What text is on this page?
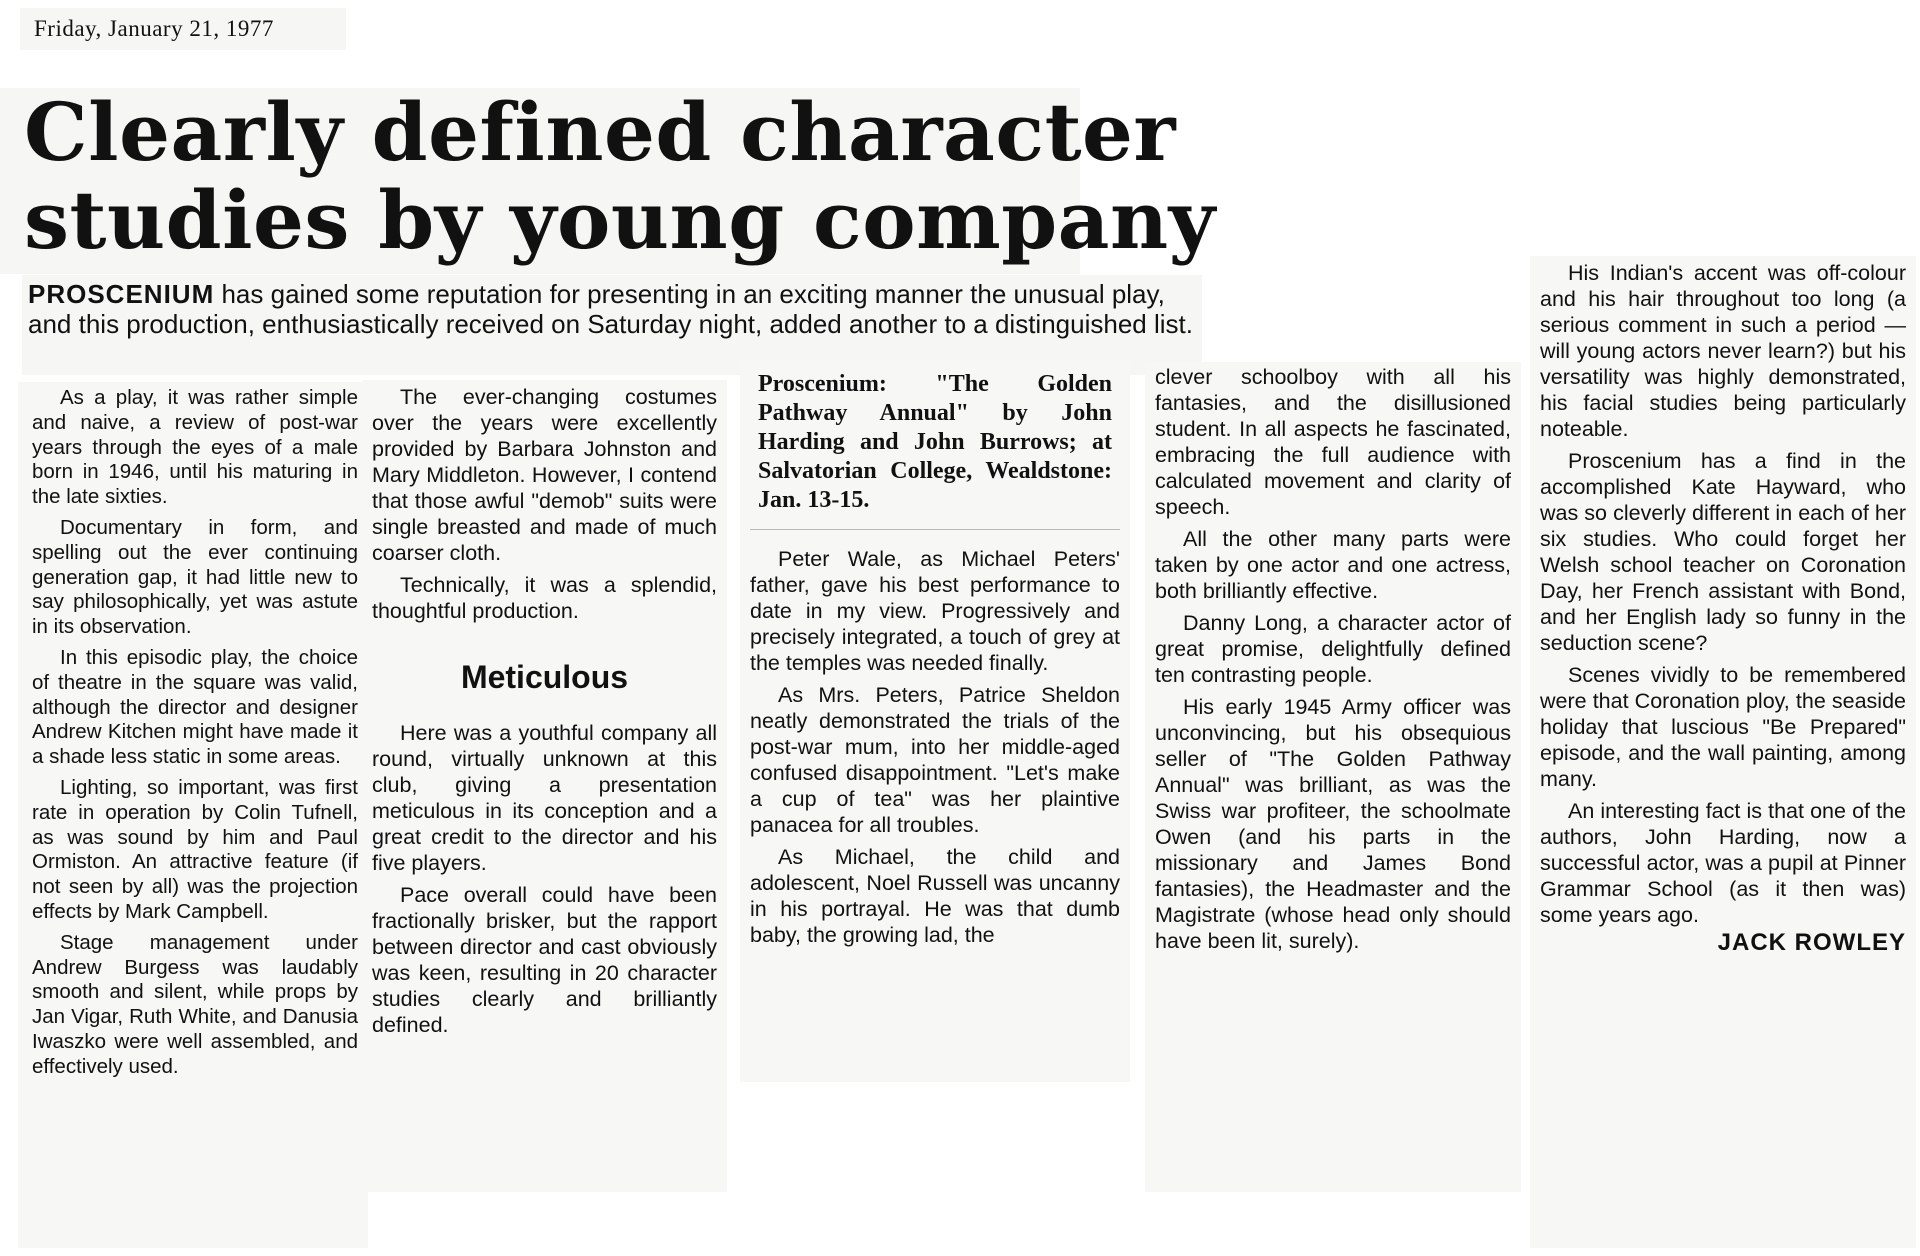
Friday, January 21, 1977
Clearly defined character
studies by young company
PROSCENIUM has gained some reputation for presenting in an exciting manner the unusual play, and this production, enthusiastically received on Saturday night, added another to a distinguished list.

As a play, it was rather simple and naive, a review of post-war years through the eyes of a male born in 1946, until his maturing in the late sixties.

Documentary in form, and spelling out the ever continuing generation gap, it had little new to say philosophically, yet was astute in its observation.

In this episodic play, the choice of theatre in the square was valid, although the director and designer Andrew Kitchen might have made it a shade less static in some areas.

Lighting, so important, was first rate in operation by Colin Tufnell, as was sound by him and Paul Ormiston. An attractive feature (if not seen by all) was the projection effects by Mark Campbell.

Stage management under Andrew Burgess was laudably smooth and silent, while props by Jan Vigar, Ruth White, and Danusia Iwaszko were well assembled, and effectively used.

The ever-changing costumes over the years were excellently provided by Barbara Johnston and Mary Middleton. However, I contend that those awful "demob" suits were single breasted and made of much coarser cloth.

Technically, it was a splendid, thoughtful production.

Meticulous

Here was a youthful company all round, virtually unknown at this club, giving a presentation meticulous in its conception and a great credit to the director and his five players.

Pace overall could have been fractionally brisker, but the rapport between director and cast obviously was keen, resulting in 20 character studies clearly and brilliantly defined.

Proscenium: "The Golden Pathway Annual" by John Harding and John Burrows; at Salvatorian College, Wealdstone: Jan. 13-15.

Peter Wale, as Michael Peters' father, gave his best performance to date in my view. Progressively and precisely integrated, a touch of grey at the temples was needed finally.

As Mrs. Peters, Patrice Sheldon neatly demonstrated the trials of the post-war mum, into her middle-aged confused disappointment. "Let's make a cup of tea" was her plaintive panacea for all troubles.

As Michael, the child and adolescent, Noel Russell was uncanny in his portrayal. He was that dumb baby, the growing lad, the

clever schoolboy with all his fantasies, and the disillusioned student. In all aspects he fascinated, embracing the full audience with calculated movement and clarity of speech.

All the other many parts were taken by one actor and one actress, both brilliantly effective.

Danny Long, a character actor of great promise, delightfully defined ten contrasting people.

His early 1945 Army officer was unconvincing, but his obsequious seller of "The Golden Pathway Annual" was brilliant, as was the Swiss war profiteer, the schoolmate Owen (and his parts in the missionary and James Bond fantasies), the Headmaster and the Magistrate (whose head only should have been lit, surely).

His Indian's accent was off-colour and his hair throughout too long (a serious comment in such a period — will young actors never learn?) but his versatility was highly demonstrated, his facial studies being particularly noteable.

Proscenium has a find in the accomplished Kate Hayward, who was so cleverly different in each of her six studies. Who could forget her Welsh school teacher on Coronation Day, her French assistant with Bond, and her English lady so funny in the seduction scene?

Scenes vividly to be remembered were that Coronation ploy, the seaside holiday that luscious "Be Prepared" episode, and the wall painting, among many.

An interesting fact is that one of the authors, John Harding, now a successful actor, was a pupil at Pinner Grammar School (as it then was) some years ago.

JACK ROWLEY
